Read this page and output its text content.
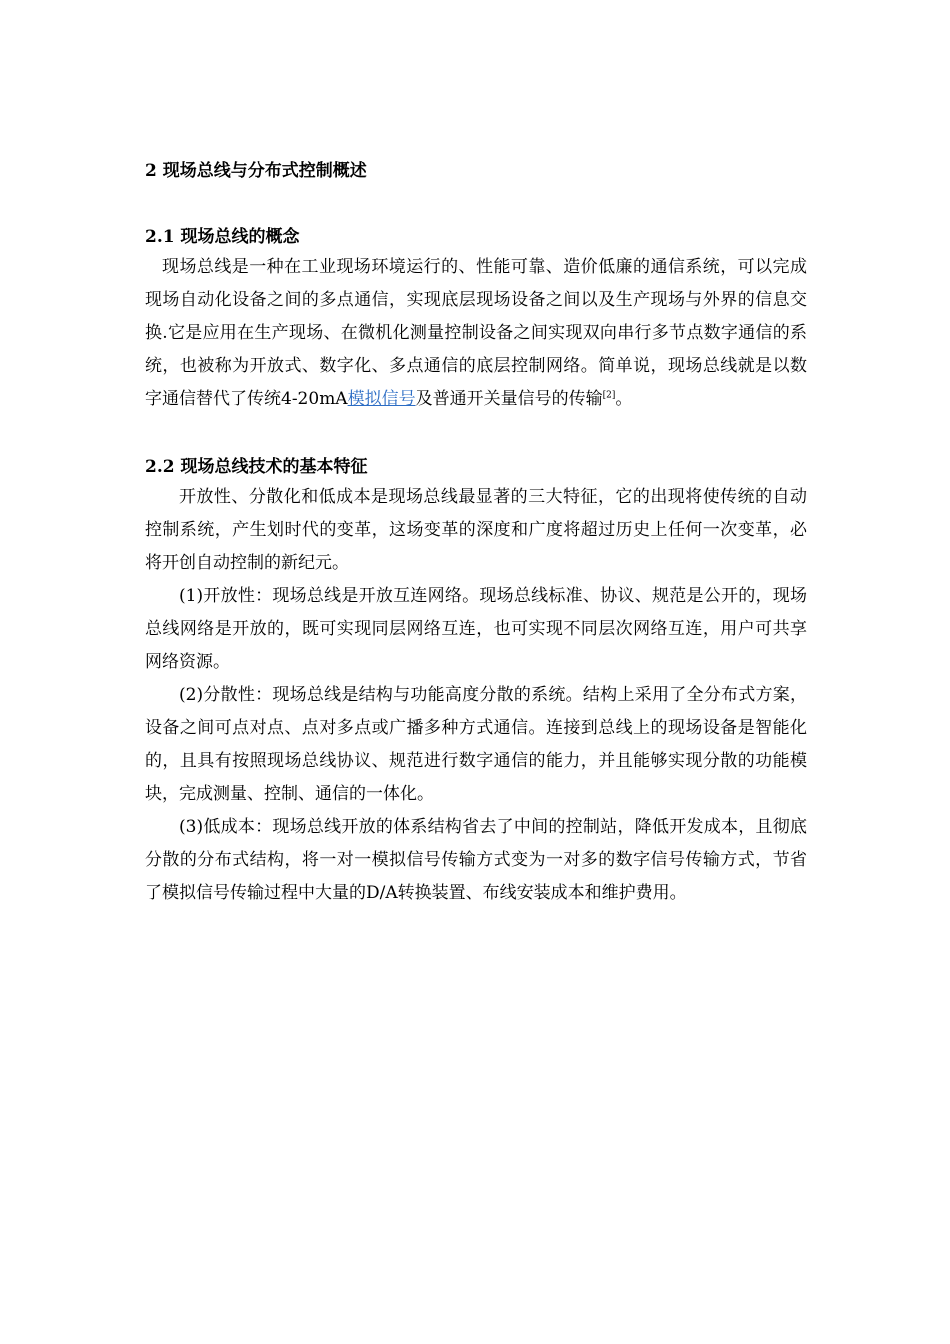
2 现场总线与分布式控制概述
2.1 现场总线的概念

现场总线是一种在工业现场环境运行的、性能可靠、造价低廉的通信系统，可以完成现场自动化设备之间的多点通信，实现底层现场设备之间以及生产现场与外界的信息交换.它是应用在生产现场、在微机化测量控制设备之间实现双向串行多节点数字通信的系统，也被称为开放式、数字化、多点通信的底层控制网络。简单说，现场总线就是以数字通信替代了传统4-20mA模拟信号及普通开关量信号的传输[2]。

2.2 现场总线技术的基本特征

开放性、分散化和低成本是现场总线最显著的三大特征，它的出现将使传统的自动控制系统，产生划时代的变革，这场变革的深度和广度将超过历史上任何一次变革，必将开创自动控制的新纪元。

(1)开放性：现场总线是开放互连网络。现场总线标准、协议、规范是公开的，现场总线网络是开放的，既可实现同层网络互连，也可实现不同层次网络互连，用户可共享网络资源。

(2)分散性：现场总线是结构与功能高度分散的系统。结构上采用了全分布式方案，设备之间可点对点、点对多点或广播多种方式通信。连接到总线上的现场设备是智能化的，且具有按照现场总线协议、规范进行数字通信的能力，并且能够实现分散的功能模块，完成测量、控制、通信的一体化。

(3)低成本：现场总线开放的体系结构省去了中间的控制站，降低开发成本，且彻底分散的分布式结构，将一对一模拟信号传输方式变为一对多的数字信号传输方式，节省了模拟信号传输过程中大量的D/A转换装置、布线安装成本和维护费用。
